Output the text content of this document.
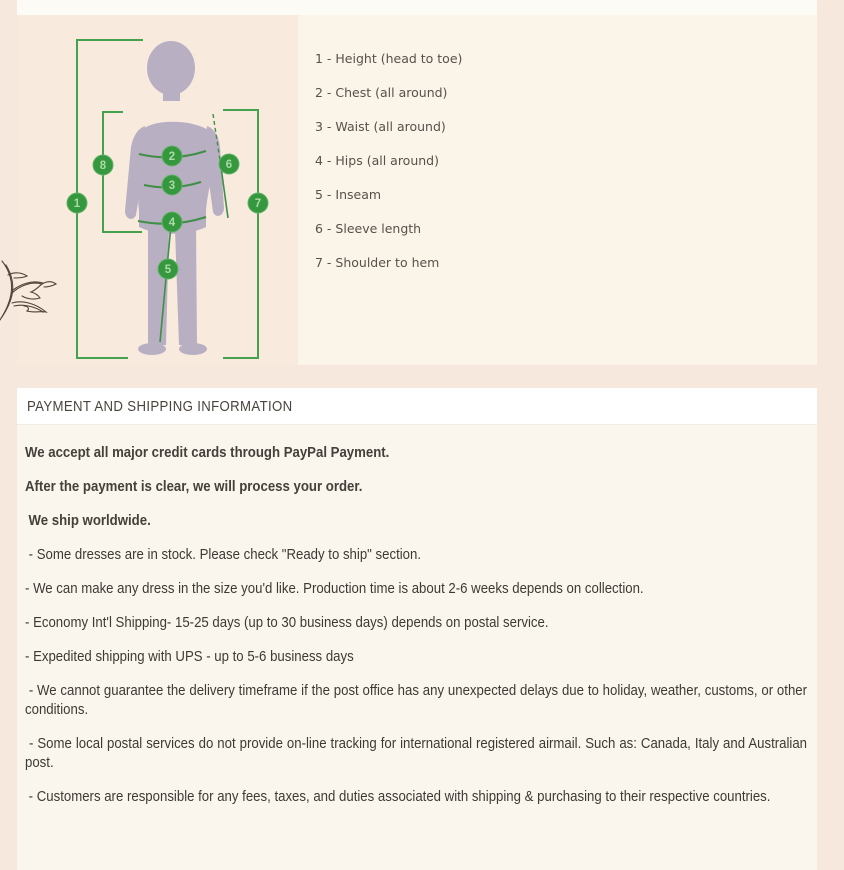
1
2
3
4
5
6
7
8
1 - Height (head to toe)
2 - Chest (all around)
3 - Waist (all around)
4 - Hips (all around)
5 - Inseam
6 - Sleeve length
7 - Shoulder to hem
PAYMENT AND SHIPPING INFORMATION

We accept all major credit cards through PayPal Payment.

After the payment is clear, we will process your order.

We ship worldwide.

- Some dresses are in stock. Please check "Ready to ship" section.

- We can make any dress in the size you'd like. Production time is about 2-6 weeks depends on collection.

- Economy Int'l Shipping- 15-25 days (up to 30 business days) depends on postal service.

- Expedited shipping with UPS - up to 5-6 business days

- We cannot guarantee the delivery timeframe if the post office has any unexpected delays due to holiday, weather, customs, or other conditions.

- Some local postal services do not provide on-line tracking for international registered airmail. Such as: Canada, Italy and Australian post.

- Customers are responsible for any fees, taxes, and duties associated with shipping & purchasing to their respective countries.
